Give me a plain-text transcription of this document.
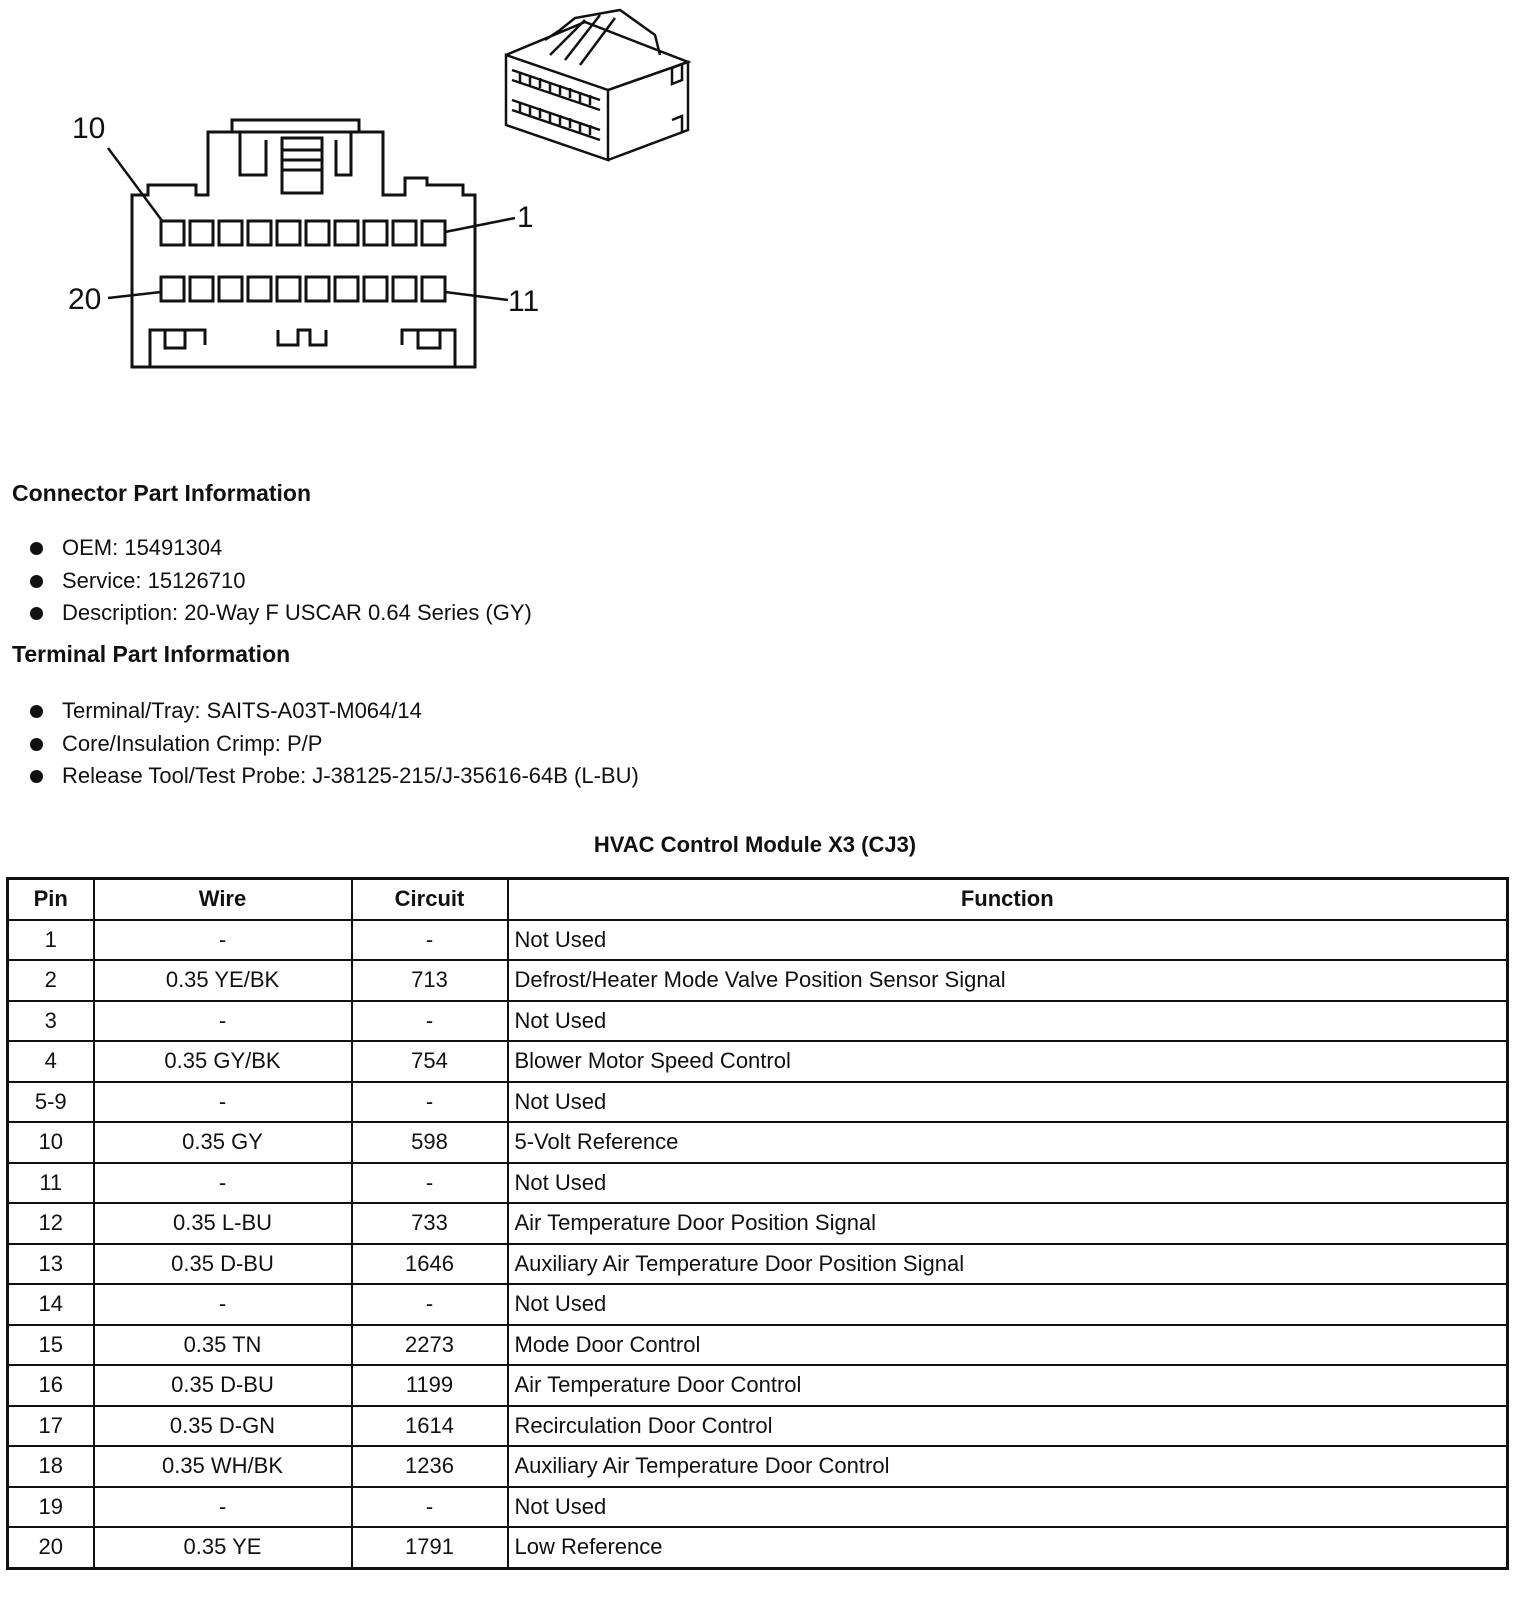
10
1
20	11
Connector Part Information
OEM: 15491304
Service: 15126710
Description: 20-Way F USCAR 0.64 Series (GY)
Terminal Part Information
Terminal/Tray: SAITS-A03T-M064/14
Core/Insulation Crimp: P/P
Release Tool/Test Probe: J-38125-215/J-35616-64B (L-BU)
HVAC Control Module X3 (CJ3)
Pin	Wire	Circuit	Function
1	-	-	Not Used
2	0.35 YE/BK	713	Defrost/Heater Mode Valve Position Sensor Signal
3	-	-	Not Used
4	0.35 GY/BK	754	Blower Motor Speed Control
5-9	-	-	Not Used
10	0.35 GY	598	5-Volt Reference
11	-	-	Not Used
12	0.35 L-BU	733	Air Temperature Door Position Signal
13	0.35 D-BU	1646	Auxiliary Air Temperature Door Position Signal
14	-	-	Not Used
15	0.35 TN	2273	Mode Door Control
16	0.35 D-BU	1199	Air Temperature Door Control
17	0.35 D-GN	1614	Recirculation Door Control
18	0.35 WH/BK	1236	Auxiliary Air Temperature Door Control
19	-	-	Not Used
20	0.35 YE	1791	Low Reference
